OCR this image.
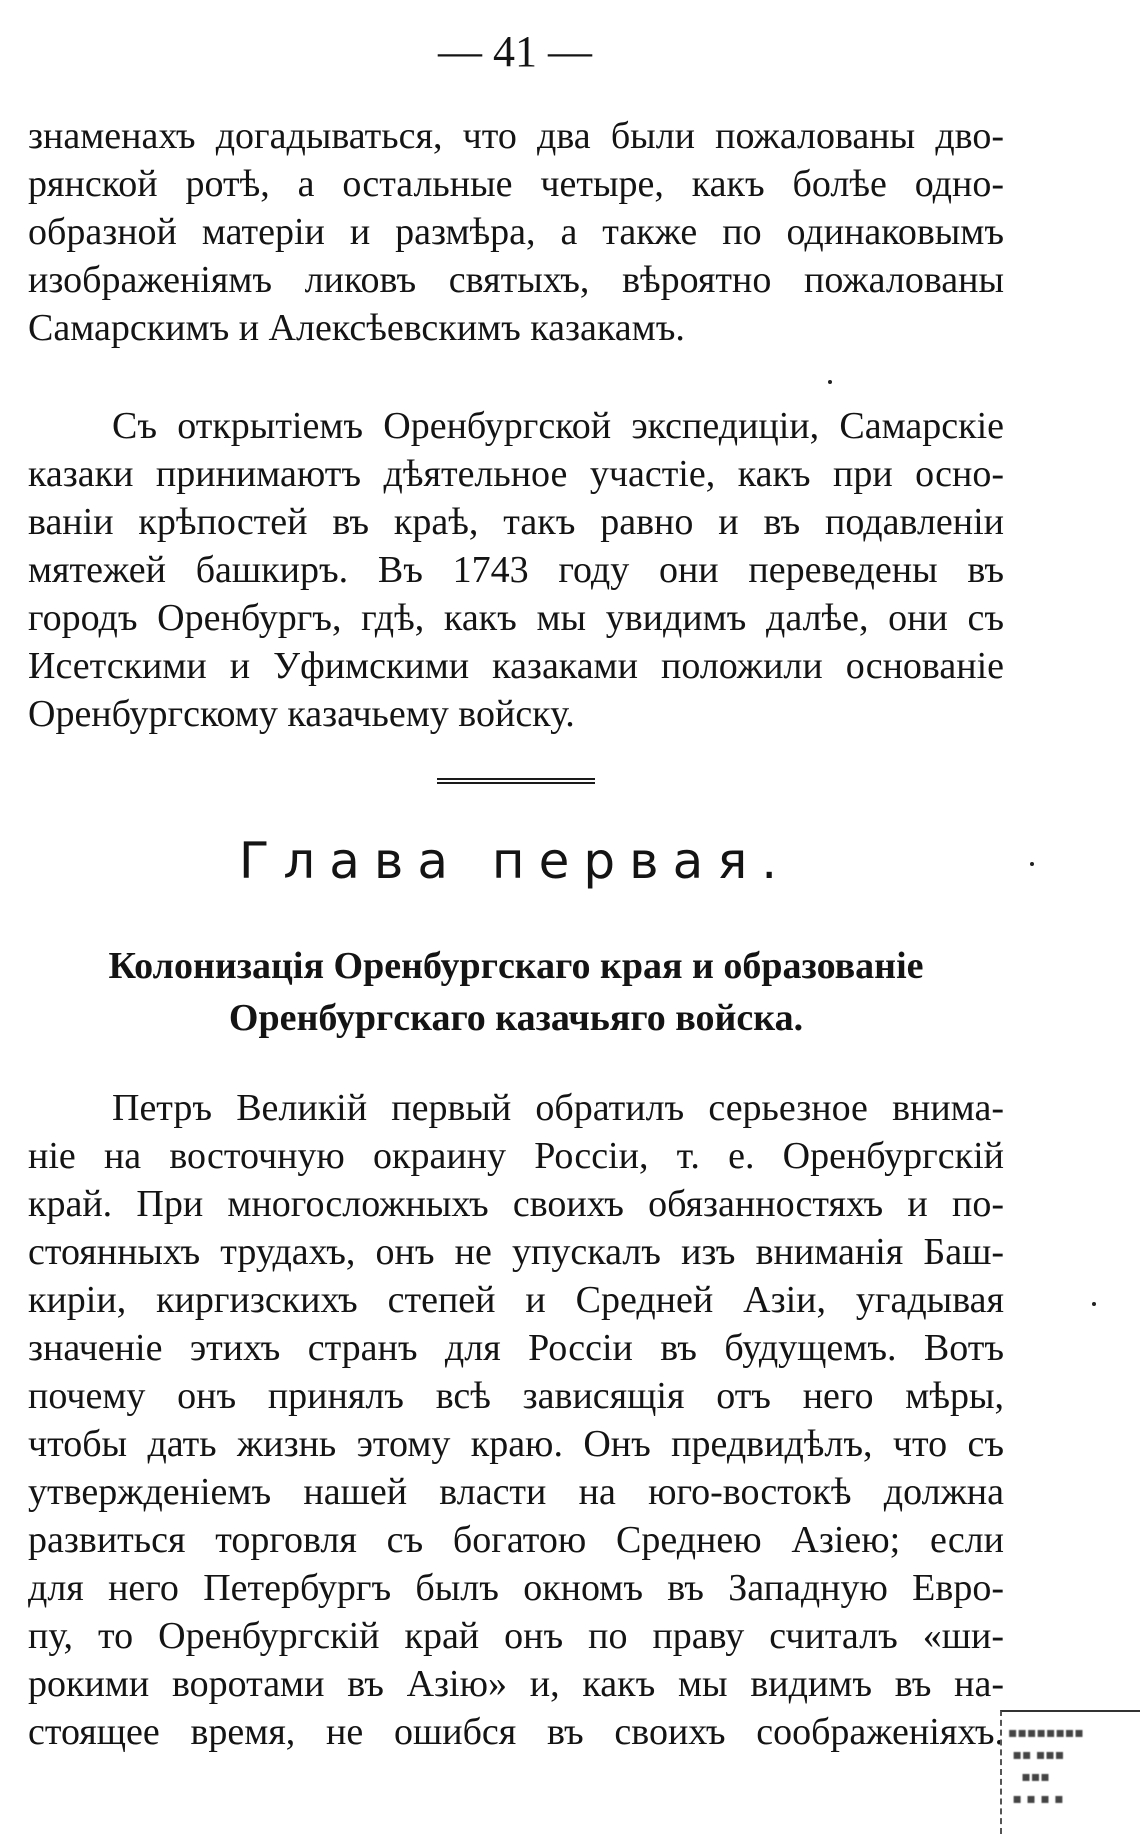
— 41 —
знаменахъ догадываться, что два были пожалованы дво-
рянской ротѣ, а остальные четыре, какъ болѣе одно-
образной матеріи и размѣра, а также по одинаковымъ
изображеніямъ ликовъ святыхъ, вѣроятно пожалованы
Самарскимъ и Алексѣевскимъ казакамъ.
Съ открытіемъ Оренбургской экспедиціи, Самарскіе
казаки принимаютъ дѣятельное участіе, какъ при осно-
ваніи крѣпостей въ краѣ, такъ равно и въ подавленіи
мятежей башкиръ. Въ 1743 году они переведены въ
городъ Оренбургъ, гдѣ, какъ мы увидимъ далѣе, они съ
Исетскими и Уфимскими казаками положили основаніе
Оренбургскому казачьему войску.
Глава первая.
Колонизація Оренбургскаго края и образованіе
Оренбургскаго казачьяго войска.
Петръ Великій первый обратилъ серьезное внима-
ніе на восточную окраину Россіи, т. е. Оренбургскій
край. При многосложныхъ своихъ обязанностяхъ и по-
стоянныхъ трудахъ, онъ не упускалъ изъ вниманія Баш-
киріи, киргизскихъ степей и Средней Азіи, угадывая
значеніе этихъ странъ для Россіи въ будущемъ. Вотъ
почему онъ принялъ всѣ зависящія отъ него мѣры,
чтобы дать жизнь этому краю. Онъ предвидѣлъ, что съ
утвержденіемъ нашей власти на юго-востокѣ должна
развиться торговля съ богатою Среднею Азіею; если
для него Петербургъ былъ окномъ въ Западную Евро-
пу, то Оренбургскій край онъ по праву считалъ «ши-
рокими воротами въ Азію» и, какъ мы видимъ въ на-
стоящее время, не ошибся въ своихъ соображеніяхъ. ▪▪▪▪▪▪▪▪
▪▪ ▪▪▪
▪▪▪
▪ ▪ ▪ ▪
